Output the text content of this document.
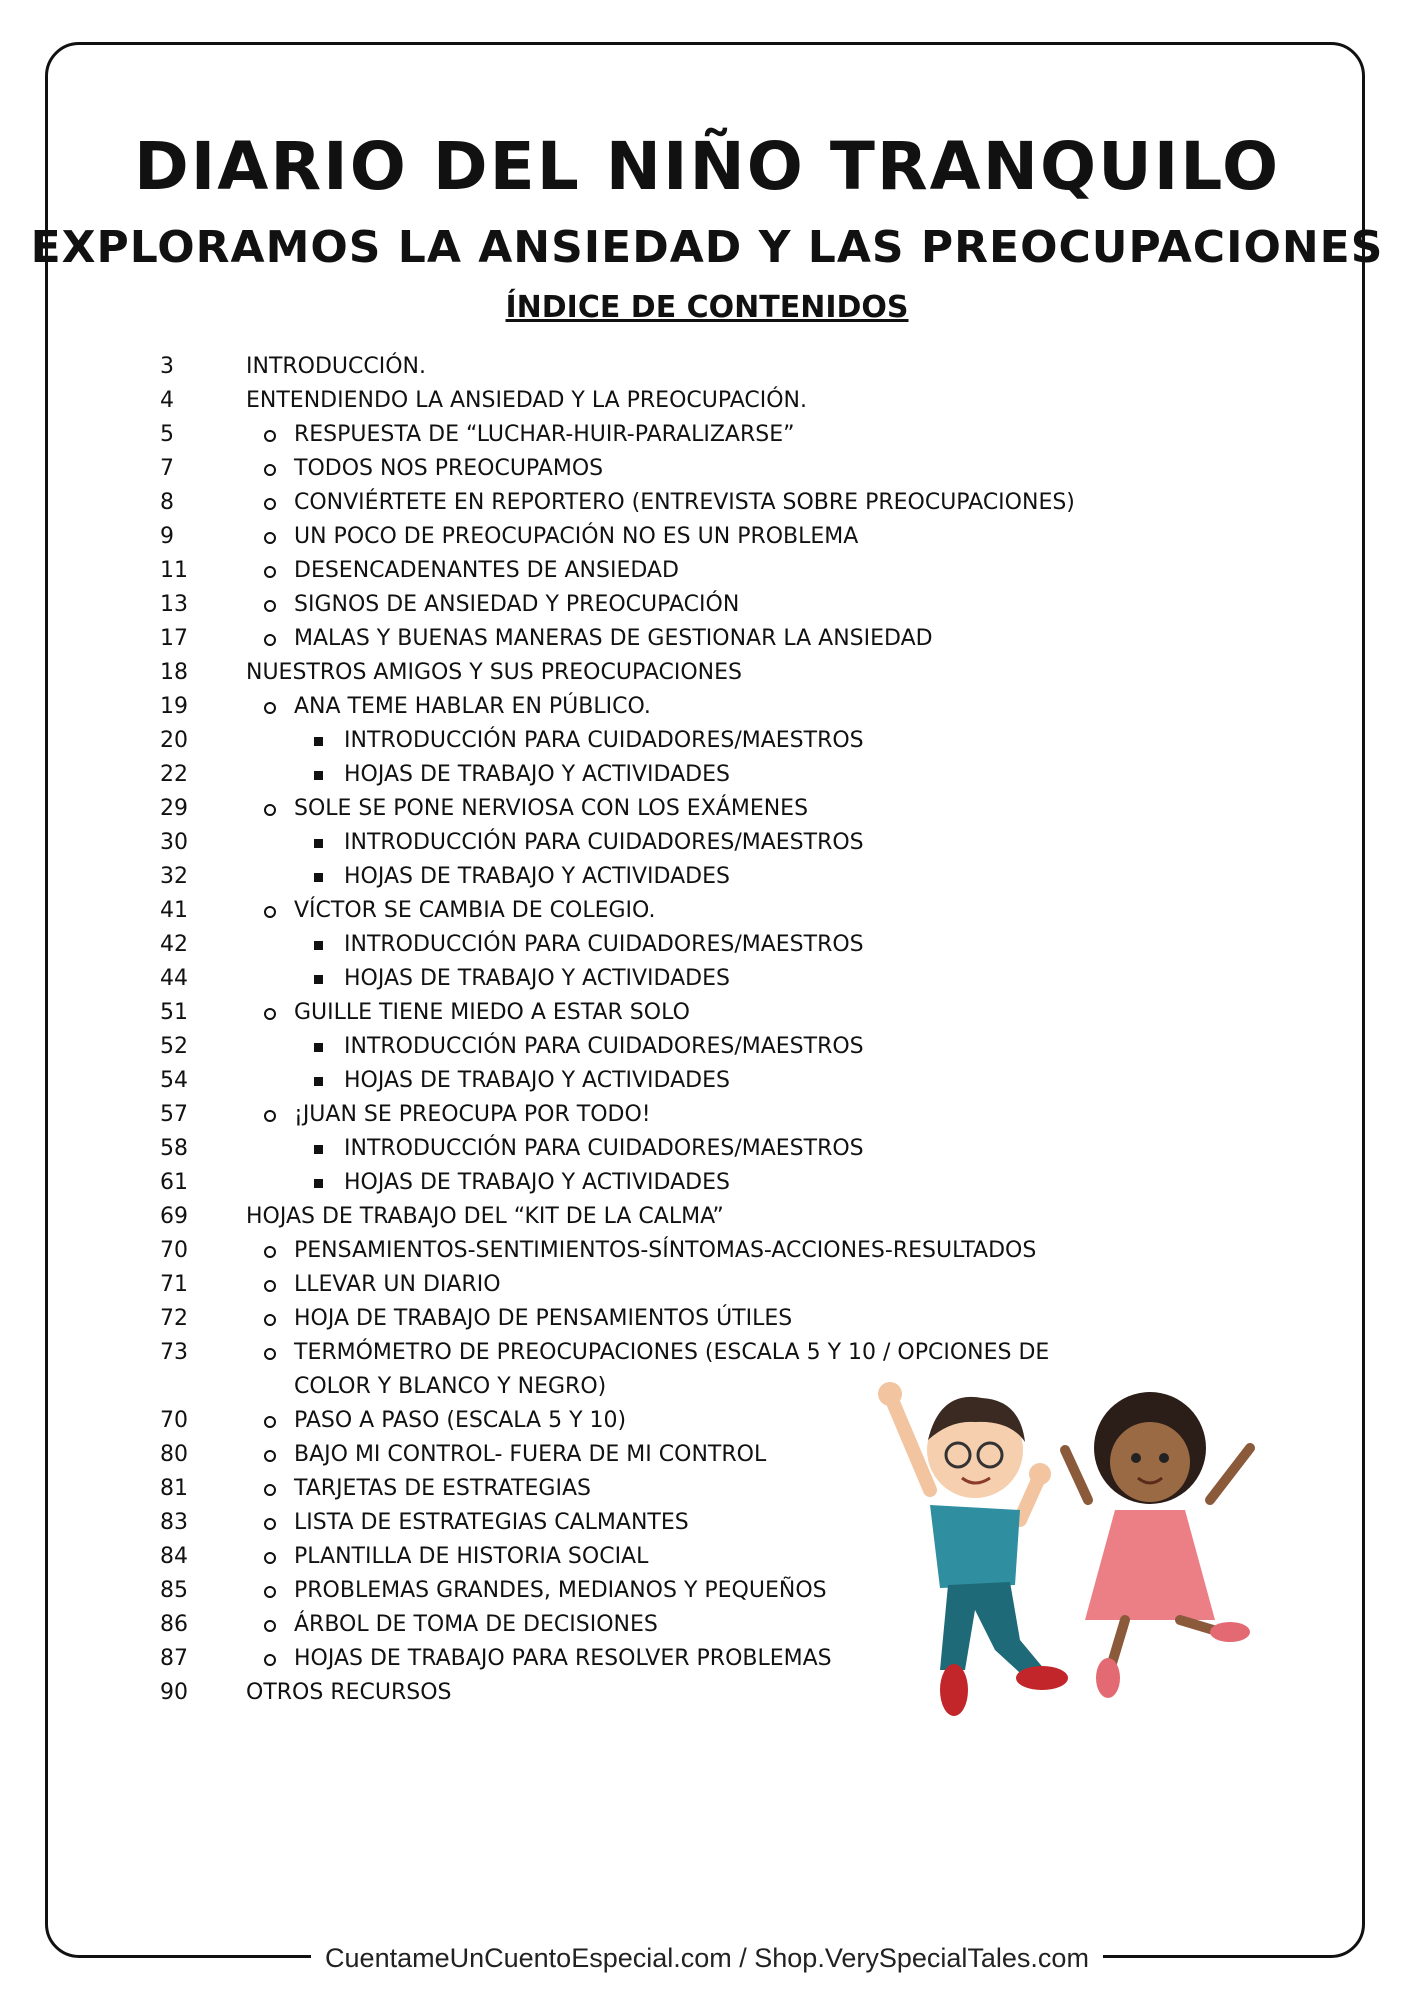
DIARIO DEL NIÑO TRANQUILO
EXPLORAMOS LA ANSIEDAD Y LAS PREOCUPACIONES
ÍNDICE DE CONTENIDOS
3	INTRODUCCIÓN.
4	ENTENDIENDO LA ANSIEDAD Y LA PREOCUPACIÓN.
5	RESPUESTA DE “LUCHAR-HUIR-PARALIZARSE”
7	TODOS NOS PREOCUPAMOS
8	CONVIÉRTETE EN REPORTERO (ENTREVISTA SOBRE PREOCUPACIONES)
9	UN POCO DE PREOCUPACIÓN NO ES UN PROBLEMA
11	DESENCADENANTES DE ANSIEDAD
13	SIGNOS DE ANSIEDAD Y PREOCUPACIÓN
17	MALAS Y BUENAS MANERAS DE GESTIONAR LA ANSIEDAD
18	NUESTROS AMIGOS Y SUS PREOCUPACIONES
19	ANA TEME HABLAR EN PÚBLICO.
20	INTRODUCCIÓN PARA CUIDADORES/MAESTROS
22	HOJAS DE TRABAJO Y ACTIVIDADES
29	SOLE SE PONE NERVIOSA CON LOS EXÁMENES
30	INTRODUCCIÓN PARA CUIDADORES/MAESTROS
32	HOJAS DE TRABAJO Y ACTIVIDADES
41	VÍCTOR SE CAMBIA DE COLEGIO.
42	INTRODUCCIÓN PARA CUIDADORES/MAESTROS
44	HOJAS DE TRABAJO Y ACTIVIDADES
51	GUILLE TIENE MIEDO A ESTAR SOLO
52	INTRODUCCIÓN PARA CUIDADORES/MAESTROS
54	HOJAS DE TRABAJO Y ACTIVIDADES
57	¡JUAN SE PREOCUPA POR TODO!
58	INTRODUCCIÓN PARA CUIDADORES/MAESTROS
61	HOJAS DE TRABAJO Y ACTIVIDADES
69	HOJAS DE TRABAJO DEL “KIT DE LA CALMA”
70	PENSAMIENTOS-SENTIMIENTOS-SÍNTOMAS-ACCIONES-RESULTADOS
71	LLEVAR UN DIARIO
72	HOJA DE TRABAJO DE PENSAMIENTOS ÚTILES
73	TERMÓMETRO DE PREOCUPACIONES (ESCALA 5 Y 10 / OPCIONES DE COLOR Y BLANCO Y NEGRO)
70	PASO A PASO (ESCALA 5 Y 10)
80	BAJO MI CONTROL- FUERA DE MI CONTROL
81	TARJETAS DE ESTRATEGIAS
83	LISTA DE ESTRATEGIAS CALMANTES
84	PLANTILLA DE HISTORIA SOCIAL
85	PROBLEMAS GRANDES, MEDIANOS Y PEQUEÑOS
86	ÁRBOL DE TOMA DE DECISIONES
87	HOJAS DE TRABAJO PARA RESOLVER PROBLEMAS
90	OTROS RECURSOS
CuentameUnCuentoEspecial.com / Shop.VerySpecialTales.com
